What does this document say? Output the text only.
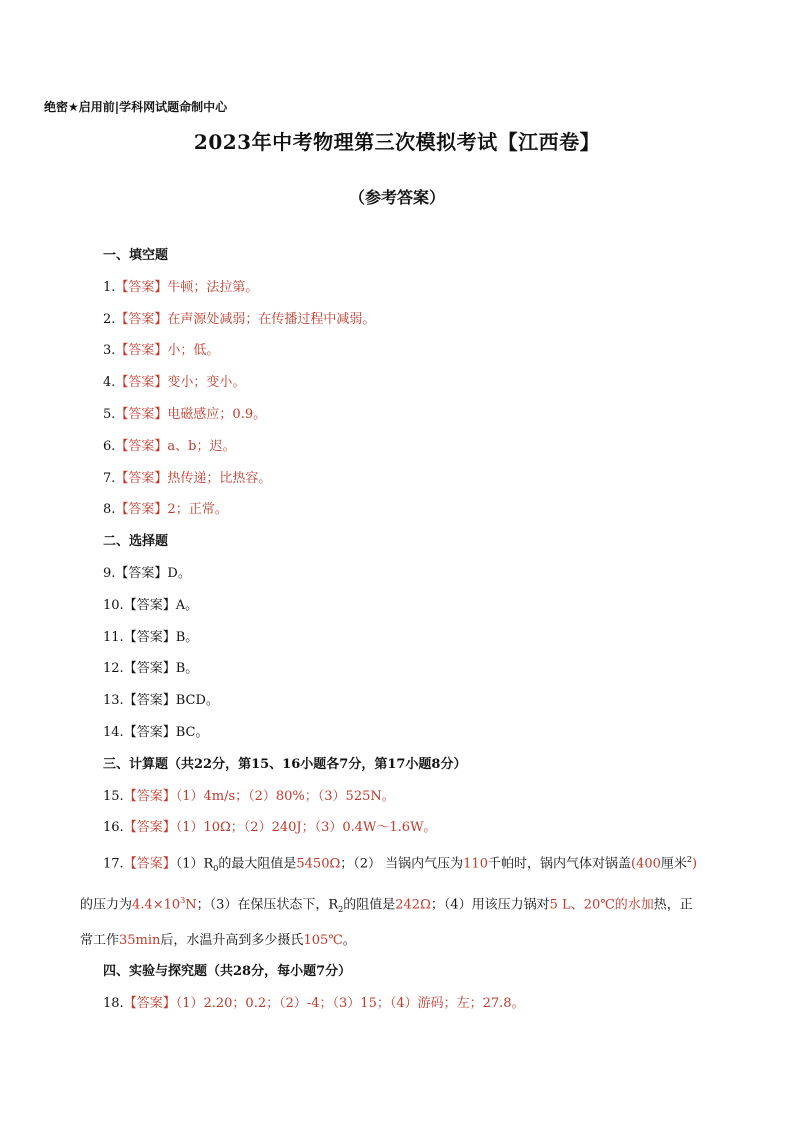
绝密★启用前|学科网试题命制中心
2023年中考物理第三次模拟考试【江西卷】
（参考答案）
一、填空题
1.【答案】牛顿；法拉第。
2.【答案】在声源处减弱；在传播过程中减弱。
3.【答案】小；低。
4.【答案】变小；变小。
5.【答案】电磁感应；0.9。
6.【答案】a、b；迟。
7.【答案】热传递；比热容。
8.【答案】2；正常。
二、选择题
9.【答案】D。
10.【答案】A。
11.【答案】B。
12.【答案】B。
13.【答案】BCD。
14.【答案】BC。
三、计算题（共22分，第15、16小题各7分，第17小题8分）
15.【答案】（1）4m/s；（2）80%；（3）525N。
16.【答案】（1）10Ω；（2）240J；（3）0.4W～1.6W。
17.【答案】$(1)R_0$的最大阻值是5450Ω；（2） 当锅内气压为110千帕时，锅内气体对锅盖(400厘米$^2$)的压力为$4.4\times 10^3N$；（3）在保压状态下，$R_2$的阻值是242Ω；（4）用该压力锅对5 L、20℃的水加热，正常工作35min后，水温升高到多少摄氏105℃。
四、实验与探究题（共28分，每小题7分）
18.【答案】（1）2.20；0.2；（2）-4；（3）15；（4）游码；左；27.8。
